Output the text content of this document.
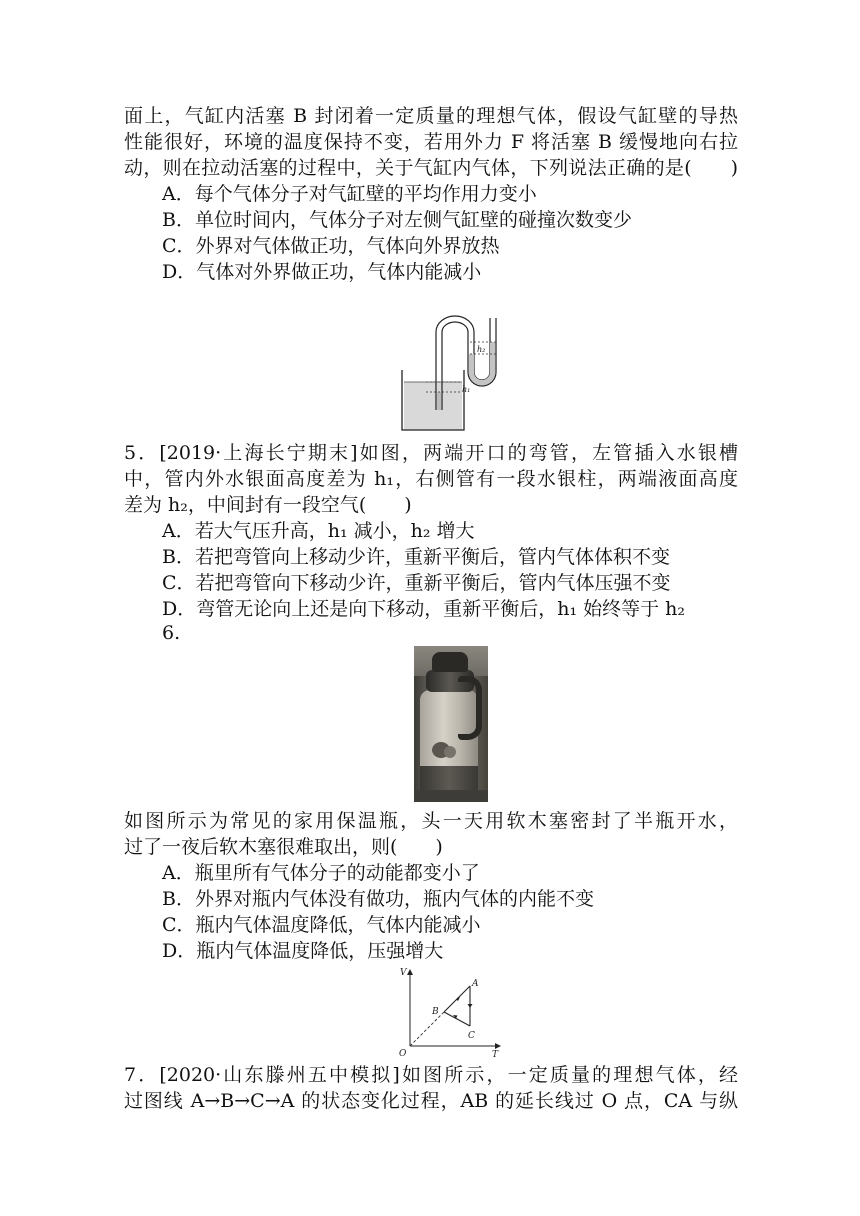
面上，气缸内活塞 B 封闭着一定质量的理想气体，假设气缸壁的导热
性能很好，环境的温度保持不变，若用外力 F 将活塞 B 缓慢地向右拉
动，则在拉动活塞的过程中，关于气缸内气体，下列说法正确的是(　　)
A．每个气体分子对气缸壁的平均作用力变小
B．单位时间内，气体分子对左侧气缸壁的碰撞次数变少
C．外界对气体做正功，气体向外界放热
D．气体对外界做正功，气体内能减小
h₂
h₁
5．[2019·上海长宁期末]如图，两端开口的弯管，左管插入水银槽
中，管内外水银面高度差为 h₁，右侧管有一段水银柱，两端液面高度
差为 h₂，中间封有一段空气(　　)
A．若大气压升高，h₁ 减小，h₂ 增大
B．若把弯管向上移动少许，重新平衡后，管内气体体积不变
C．若把弯管向下移动少许，重新平衡后，管内气体压强不变
D．弯管无论向上还是向下移动，重新平衡后，h₁ 始终等于 h₂
6.
如图所示为常见的家用保温瓶，头一天用软木塞密封了半瓶开水，
过了一夜后软木塞很难取出，则(　　)
A．瓶里所有气体分子的动能都变小了
B．外界对瓶内气体没有做功，瓶内气体的内能不变
C．瓶内气体温度降低，气体内能减小
D．瓶内气体温度降低，压强增大
V
T
O
A
B
C
7．[2020·山东滕州五中模拟]如图所示，一定质量的理想气体，经
过图线 A→B→C→A 的状态变化过程，AB 的延长线过 O 点，CA 与纵
